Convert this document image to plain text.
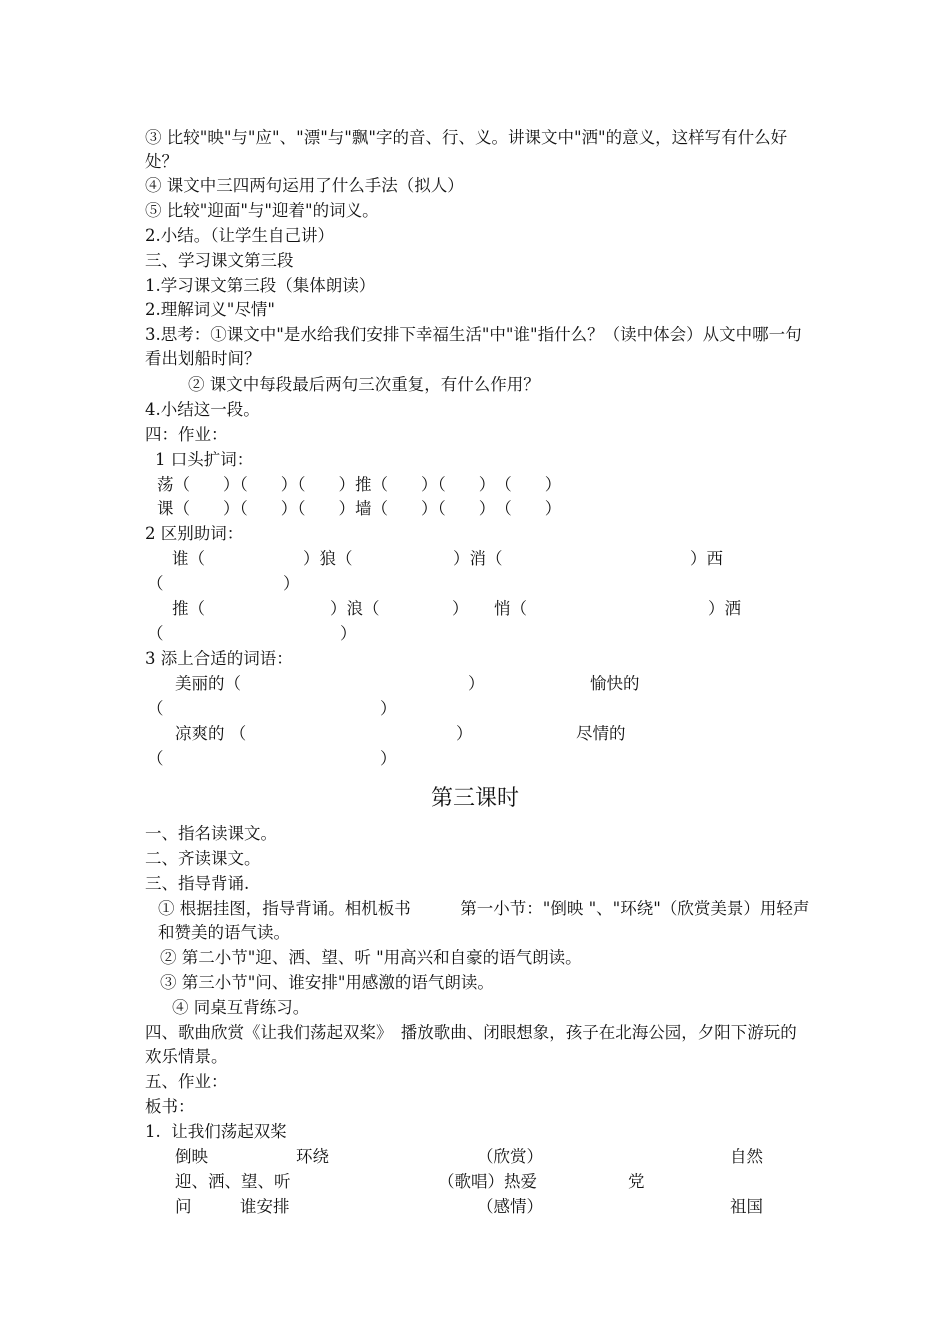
③ 比较"映"与"应"、"漂"与"飘"字的音、行、义。讲课文中"洒"的意义，这样写有什么好处？
④ 课文中三四两句运用了什么手法（拟人）
⑤ 比较"迎面"与"迎着"的词义。
2.小结。（让学生自己讲）
三、学习课文第三段
1.学习课文第三段（集体朗读）
2.理解词义"尽情"
3.思考：①课文中"是水给我们安排下幸福生活"中"谁"指什么？（读中体会）从文中哪一句看出划船时间？
② 课文中每段最后两句三次重复，有什么作用？
4.小结这一段。
四：作业：
1 口头扩词：
荡（　　）（　　）（　　）推（　　）（　　）　（　　）
课（　　）（　　）（　　）墙（　　）（　　）　（　　）
2 区别助词：
谁（	）狼（	）消（	）西
（	）
推（	）浪（	） 悄（	）洒
（	）
3 添上合适的词语：
美丽的（	）	愉快的
（	）
凉爽的 （	）	尽情的
（	）
第三课时
一、指名读课文。
二、齐读课文。
三、指导背诵.
① 根据挂图，指导背诵。相机板书　　　第一小节："倒映 "、"环绕"（欣赏美景）用轻声和赞美的语气读。
② 第二小节"迎、洒、望、听 "用高兴和自豪的语气朗读。
③ 第三小节"问、谁安排"用感激的语气朗读。
④ 同桌互背练习。
四、歌曲欣赏《让我们荡起双桨》　播放歌曲、闭眼想象，孩子在北海公园，夕阳下游玩的欢乐情景。
五、作业：
板书：
1.  让我们荡起双桨
倒映	环绕	（欣赏）	自然
迎、洒、望、听	（歌唱）热爱	党
问	谁安排	（感情）	祖国
